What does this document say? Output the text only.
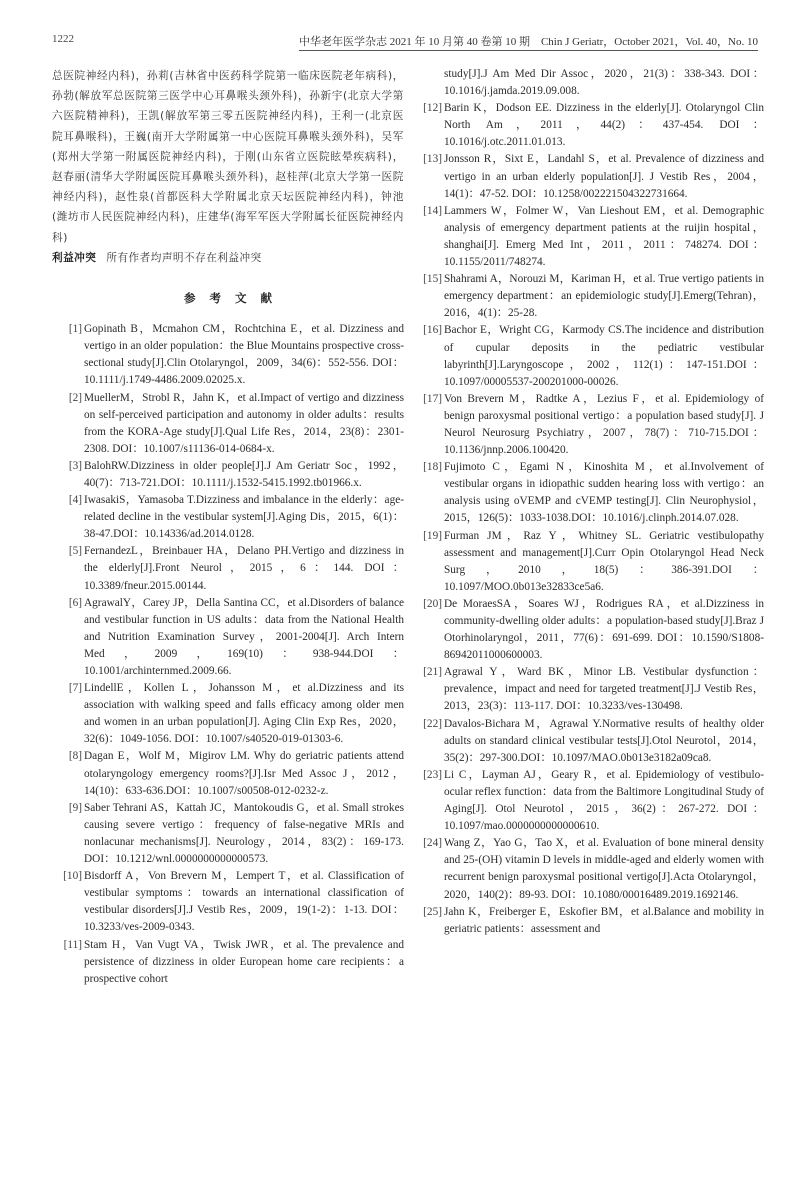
1222	中华老年医学杂志 2021 年 10 月第 40 卷第 10 期　Chin J Geriatr，October 2021，Vol. 40，No. 10
总医院神经内科)，孙莉(吉林省中医药科学院第一临床医院老年病科)，孙勃(解放军总医院第三医学中心耳鼻喉头颈外科)，孙新宇(北京大学第六医院精神科)，王凯(解放军第三零五医院神经内科)，王利一(北京医院耳鼻喉科)，王巍(南开大学附属第一中心医院耳鼻喉头颈外科)，吴军(郑州大学第一附属医院神经内科)，于刚(山东省立医院眩晕疾病科)，赵春丽(清华大学附属医院耳鼻喉头颈外科)，赵桂萍(北京大学第一医院神经内科)，赵性泉(首都医科大学附属北京天坛医院神经内科)，钟池(潍坊市人民医院神经内科)，庄建华(海军军医大学附属长征医院神经内科)
利益冲突 所有作者均声明不存在利益冲突
参考文献
[1] Gopinath B，Mcmahon CM，Rochtchina E，et al. Dizziness and vertigo in an older population：the Blue Mountains prospective cross-sectional study[J].Clin Otolaryngol，2009，34(6)：552-556. DOI：10.1111/j.1749-4486.2009.02025.x.
[2] MuellerM，Strobl R，Jahn K，et al.Impact of vertigo and dizziness on self-perceived participation and autonomy in older adults：results from the KORA-Age study[J].Qual Life Res，2014，23(8)：2301-2308. DOI：10.1007/s11136-014-0684-x.
[3] BalohRW.Dizziness in older people[J].J Am Geriatr Soc，1992，40(7)：713-721.DOI：10.1111/j.1532-5415.1992.tb01966.x.
[4] IwasakiS，Yamasoba T.Dizziness and imbalance in the elderly：age-related decline in the vestibular system[J].Aging Dis，2015，6(1)：38-47.DOI：10.14336/ad.2014.0128.
[5] FernandezL，Breinbauer HA，Delano PH.Vertigo and dizziness in the elderly[J].Front Neurol，2015，6：144. DOI：10.3389/fneur.2015.00144.
[6] AgrawalY，Carey JP，Della Santina CC，et al.Disorders of balance and vestibular function in US adults：data from the National Health and Nutrition Examination Survey，2001-2004[J]. Arch Intern Med，2009，169(10)：938-944.DOI：10.1001/archinternmed.2009.66.
[7] LindellE，Kollen L，Johansson M，et al.Dizziness and its association with walking speed and falls efficacy among older men and women in an urban population[J]. Aging Clin Exp Res，2020，32(6)：1049-1056. DOI：10.1007/s40520-019-01303-6.
[8] Dagan E，Wolf M，Migirov LM. Why do geriatric patients attend otolaryngology emergency rooms?[J].Isr Med Assoc J，2012，14(10)：633-636.DOI：10.1007/s00508-012-0232-z.
[9] Saber Tehrani AS，Kattah JC，Mantokoudis G，et al. Small strokes causing severe vertigo：frequency of false-negative MRIs and nonlacunar mechanisms[J]. Neurology，2014，83(2)：169-173. DOI：10.1212/wnl.0000000000000573.
[10] Bisdorff A，Von Brevern M，Lempert T，et al. Classification of vestibular symptoms：towards an international classification of vestibular disorders[J].J Vestib Res，2009，19(1-2)：1-13. DOI：10.3233/ves-2009-0343.
[11] Stam H，Van Vugt VA，Twisk JWR，et al. The prevalence and persistence of dizziness in older European home care recipients：a prospective cohort
study[J].J Am Med Dir Assoc，2020，21(3)：338-343. DOI：10.1016/j.jamda.2019.09.008.
[12] Barin K，Dodson EE. Dizziness in the elderly[J]. Otolaryngol Clin North Am，2011，44(2)：437-454. DOI：10.1016/j.otc.2011.01.013.
[13] Jonsson R，Sixt E，Landahl S，et al. Prevalence of dizziness and vertigo in an urban elderly population[J]. J Vestib Res，2004，14(1)：47-52. DOI：10.1258/002221504322731664.
[14] Lammers W，Folmer W，Van Lieshout EM，et al. Demographic analysis of emergency department patients at the ruijin hospital，shanghai[J]. Emerg Med Int，2011，2011：748274. DOI：10.1155/2011/748274.
[15] Shahrami A，Norouzi M，Kariman H，et al. True vertigo patients in emergency department：an epidemiologic study[J].Emerg(Tehran)，2016，4(1)：25-28.
[16] Bachor E，Wright CG，Karmody CS.The incidence and distribution of cupular deposits in the pediatric vestibular labyrinth[J].Laryngoscope，2002，112(1)：147-151.DOI：10.1097/00005537-200201000-00026.
[17] Von Brevern M，Radtke A，Lezius F，et al. Epidemiology of benign paroxysmal positional vertigo：a population based study[J]. J Neurol Neurosurg Psychiatry，2007，78(7)：710-715.DOI：10.1136/jnnp.2006.100420.
[18] Fujimoto C，Egami N，Kinoshita M，et al.Involvement of vestibular organs in idiopathic sudden hearing loss with vertigo：an analysis using oVEMP and cVEMP testing[J]. Clin Neurophysiol，2015，126(5)：1033-1038.DOI：10.1016/j.clinph.2014.07.028.
[19] Furman JM，Raz Y，Whitney SL. Geriatric vestibulopathy assessment and management[J].Curr Opin Otolaryngol Head Neck Surg，2010，18(5)：386-391.DOI：10.1097/MOO.0b013e32833ce5a6.
[20] De MoraesSA，Soares WJ，Rodrigues RA，et al.Dizziness in community-dwelling older adults：a population-based study[J].Braz J Otorhinolaryngol，2011，77(6)：691-699. DOI：10.1590/S1808-86942011000600003.
[21] Agrawal Y，Ward BK，Minor LB. Vestibular dysfunction：prevalence，impact and need for targeted treatment[J].J Vestib Res，2013，23(3)：113-117. DOI：10.3233/ves-130498.
[22] Davalos-Bichara M，Agrawal Y.Normative results of healthy older adults on standard clinical vestibular tests[J].Otol Neurotol，2014，35(2)：297-300.DOI：10.1097/MAO.0b013e3182a09ca8.
[23] Li C，Layman AJ，Geary R，et al. Epidemiology of vestibulo-ocular reflex function：data from the Baltimore Longitudinal Study of Aging[J]. Otol Neurotol，2015，36(2)：267-272. DOI：10.1097/mao.0000000000000610.
[24] Wang Z，Yao G，Tao X，et al. Evaluation of bone mineral density and 25-(OH) vitamin D levels in middle-aged and elderly women with recurrent benign paroxysmal positional vertigo[J].Acta Otolaryngol，2020，140(2)：89-93. DOI：10.1080/00016489.2019.1692146.
[25] Jahn K，Freiberger E，Eskofier BM，et al.Balance and mobility in geriatric patients：assessment and
